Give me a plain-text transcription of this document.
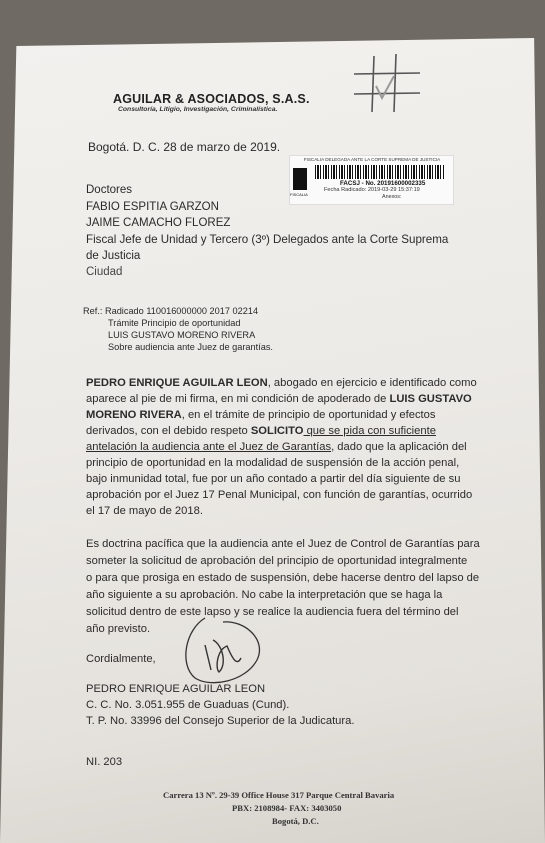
AGUILAR & ASOCIADOS, S.A.S.
Consultoría, Litigio, Investigación, Criminalística.
Bogotá. D. C. 28 de marzo de 2019.
FISCALIA DELEGADA ANTE LA CORTE SUPREMA DE JUSTICIA
FISCALIA
FACSJ - No. 20191600002335
Fecha Radicado: 2019-03-29 15:37:19
Anexos:
Doctores
FABIO ESPITIA GARZON
JAIME CAMACHO FLOREZ
Fiscal Jefe de Unidad y Tercero (3º) Delegados ante la Corte Suprema
de Justicia
Ciudad
Ref.: Radicado 110016000000 2017 02214
Trámite Principio de oportunidad
LUIS GUSTAVO MORENO RIVERA
Sobre audiencia ante Juez de garantías.
PEDRO ENRIQUE AGUILAR LEON, abogado en ejercicio e identificado como
aparece al pie de mi firma, en mi condición de apoderado de LUIS GUSTAVO
MORENO RIVERA, en el trámite de principio de oportunidad y efectos
derivados, con el debido respeto SOLICITO que se pida con suficiente
antelación la audiencia ante el Juez de Garantías, dado que la aplicación del
principio de oportunidad en la modalidad de suspensión de la acción penal,
bajo inmunidad total, fue por un año contado a partir del día siguiente de su
aprobación por el Juez 17 Penal Municipal, con función de garantías, ocurrido
el 17 de mayo de 2018.
Es doctrina pacífica que la audiencia ante el Juez de Control de Garantías para
someter la solicitud de aprobación del principio de oportunidad integralmente
o para que prosiga en estado de suspensión, debe hacerse dentro del lapso de
año siguiente a su aprobación. No cabe la interpretación que se haga la
solicitud dentro de este lapso y se realice la audiencia fuera del término del
año previsto.
Cordialmente,
PEDRO ENRIQUE AGUILAR LEON
C. C. No. 3.051.955 de Guaduas (Cund).
T. P. No. 33996 del Consejo Superior de la Judicatura.
NI. 203
Carrera 13 Nº. 29-39 Office House 317 Parque Central Bavaria
PBX: 2108984- FAX: 3403050
Bogotá, D.C.
